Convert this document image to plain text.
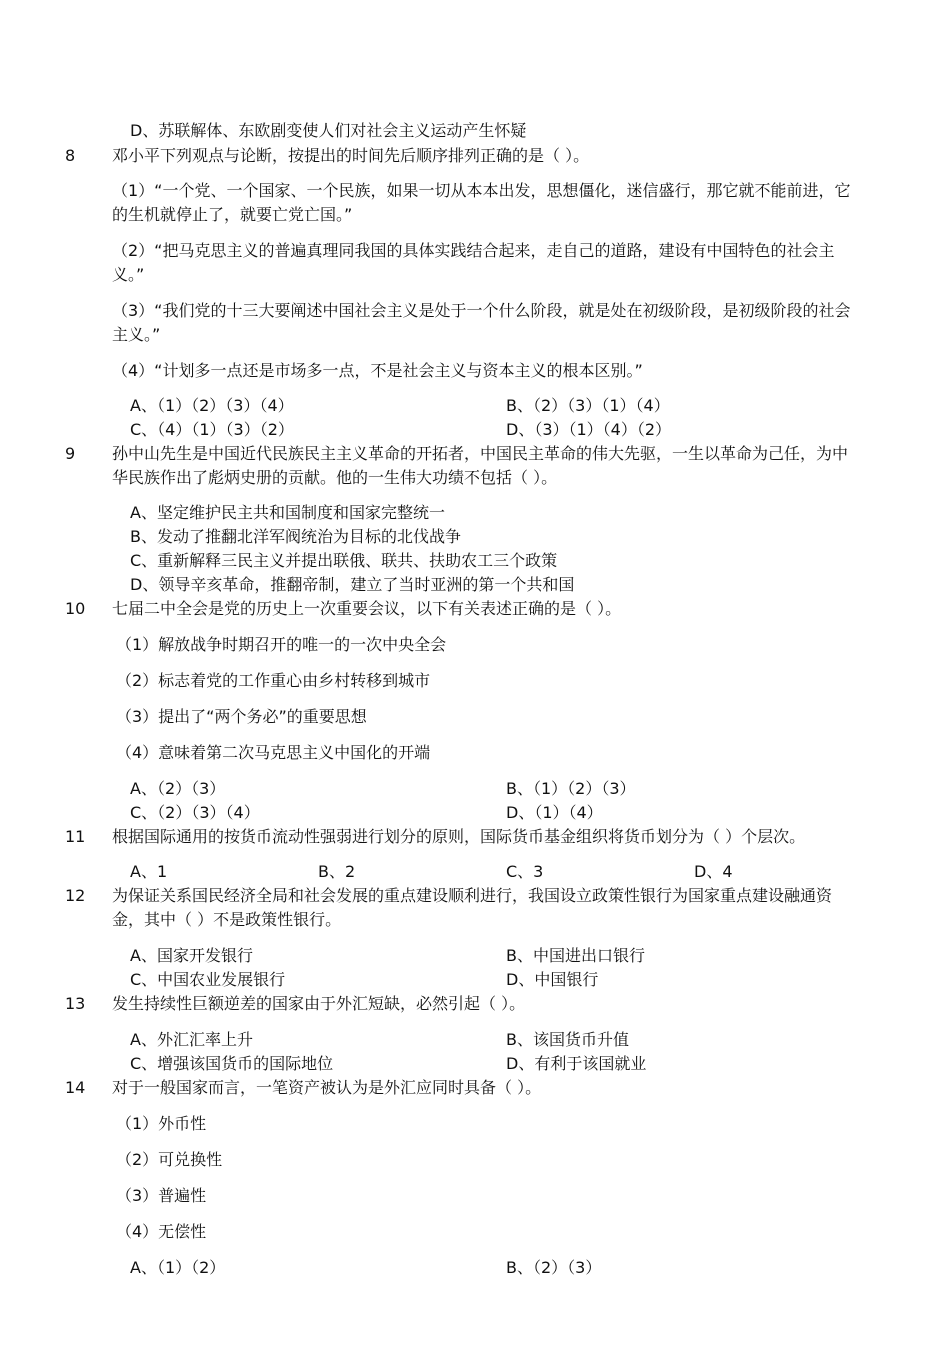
D、苏联解体、东欧剧变使人们对社会主义运动产生怀疑
8 邓小平下列观点与论断，按提出的时间先后顺序排列正确的是（ ）。
（1）“一个党、一个国家、一个民族，如果一切从本本出发，思想僵化，迷信盛行，那它就不能前进，它的生机就停止了，就要亡党亡国。”
（2）“把马克思主义的普遍真理同我国的具体实践结合起来，走自己的道路，建设有中国特色的社会主义。”
（3）“我们党的十三大要阐述中国社会主义是处于一个什么阶段，就是处在初级阶段，是初级阶段的社会主义。”
（4）“计划多一点还是市场多一点，不是社会主义与资本主义的根本区别。”
A、（1）（2）（3）（4）	B、（2）（3）（1）（4）
C、（4）（1）（3）（2）	D、（3）（1）（4）（2）
9 孙中山先生是中国近代民族民主主义革命的开拓者，中国民主革命的伟大先驱，一生以革命为己任，为中华民族作出了彪炳史册的贡献。他的一生伟大功绩不包括（ ）。
A、坚定维护民主共和国制度和国家完整统一
B、发动了推翻北洋军阀统治为目标的北伐战争
C、重新解释三民主义并提出联俄、联共、扶助农工三个政策
D、领导辛亥革命，推翻帝制，建立了当时亚洲的第一个共和国
10 七届二中全会是党的历史上一次重要会议，以下有关表述正确的是（ ）。
（1）解放战争时期召开的唯一的一次中央全会
（2）标志着党的工作重心由乡村转移到城市
（3）提出了“两个务必”的重要思想
（4）意味着第二次马克思主义中国化的开端
A、（2）（3）	B、（1）（2）（3）
C、（2）（3）（4）	D、（1）（4）
11 根据国际通用的按货币流动性强弱进行划分的原则，国际货币基金组织将货币划分为（ ）个层次。
A、1	B、2	C、3	D、4
12 为保证关系国民经济全局和社会发展的重点建设顺利进行，我国设立政策性银行为国家重点建设融通资金，其中（ ）不是政策性银行。
A、国家开发银行	B、中国进出口银行
C、中国农业发展银行	D、中国银行
13 发生持续性巨额逆差的国家由于外汇短缺，必然引起（ ）。
A、外汇汇率上升	B、该国货币升值
C、增强该国货币的国际地位	D、有利于该国就业
14 对于一般国家而言，一笔资产被认为是外汇应同时具备（ ）。
（1）外币性
（2）可兑换性
（3）普遍性
（4）无偿性
A、（1）（2）	B、（2）（3）
